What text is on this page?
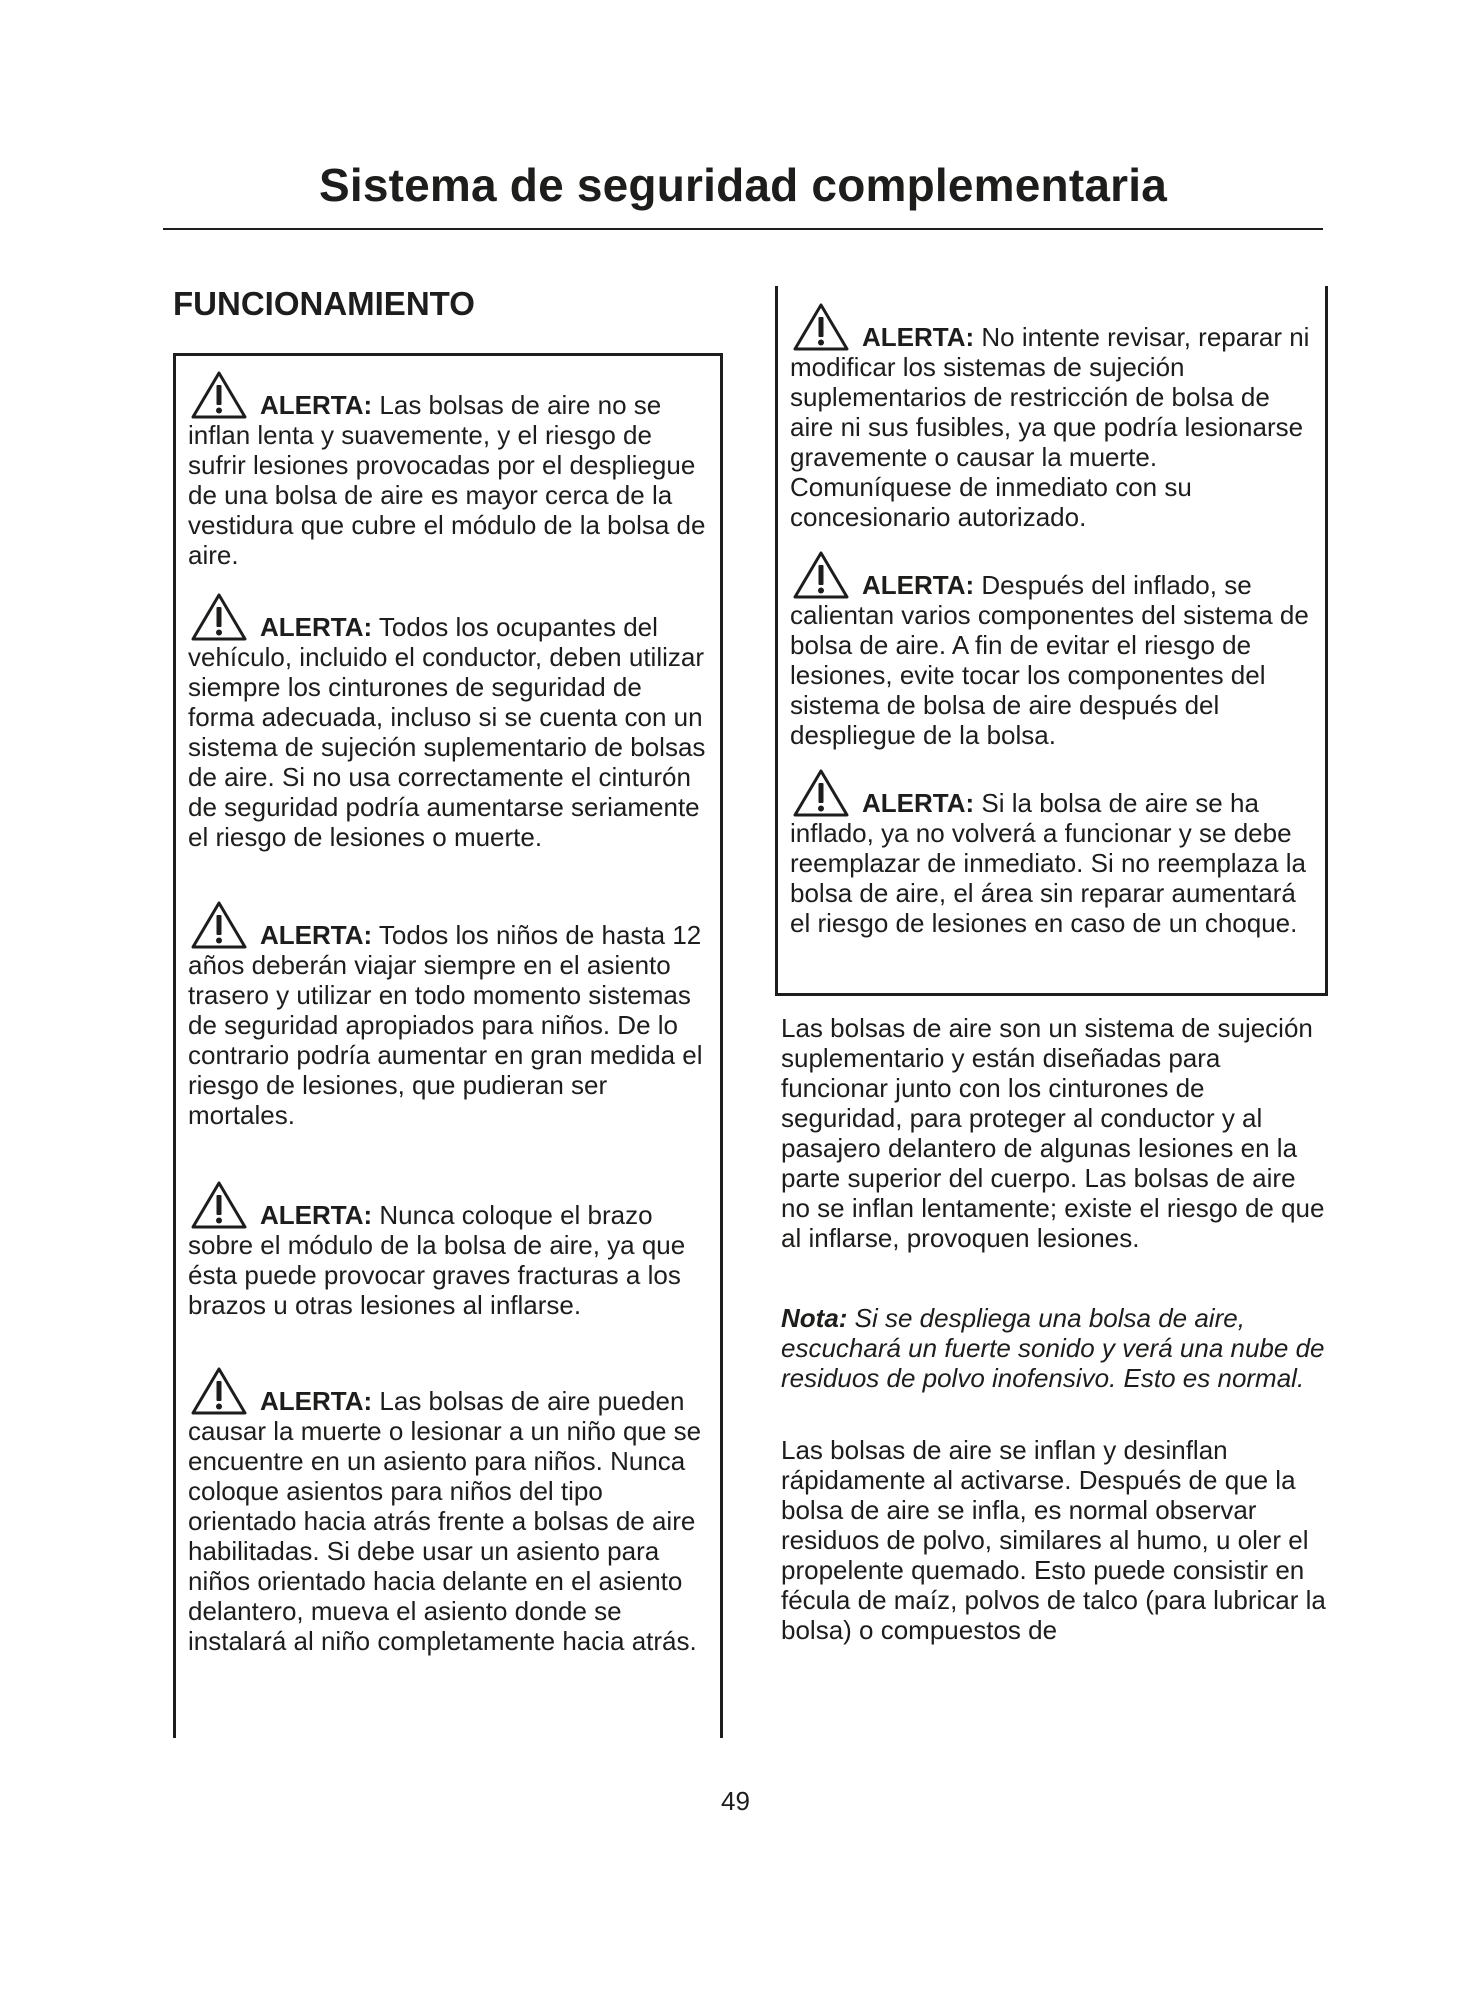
Sistema de seguridad complementaria
FUNCIONAMIENTO

ALERTA: Las bolsas de aire no se inflan lenta y suavemente, y el riesgo de sufrir lesiones provocadas por el despliegue de una bolsa de aire es mayor cerca de la vestidura que cubre el módulo de la bolsa de aire.

ALERTA: Todos los ocupantes del vehículo, incluido el conductor, deben utilizar siempre los cinturones de seguridad de forma adecuada, incluso si se cuenta con un sistema de sujeción suplementario de bolsas de aire. Si no usa correctamente el cinturón de seguridad podría aumentarse seriamente el riesgo de lesiones o muerte.

ALERTA: Todos los niños de hasta 12 años deberán viajar siempre en el asiento trasero y utilizar en todo momento sistemas de seguridad apropiados para niños. De lo contrario podría aumentar en gran medida el riesgo de lesiones, que pudieran ser mortales.

ALERTA: Nunca coloque el brazo sobre el módulo de la bolsa de aire, ya que ésta puede provocar graves fracturas a los brazos u otras lesiones al inflarse.

ALERTA: Las bolsas de aire pueden causar la muerte o lesionar a un niño que se encuentre en un asiento para niños. Nunca coloque asientos para niños del tipo orientado hacia atrás frente a bolsas de aire habilitadas. Si debe usar un asiento para niños orientado hacia delante en el asiento delantero, mueva el asiento donde se instalará al niño completamente hacia atrás.

ALERTA: No intente revisar, reparar ni modificar los sistemas de sujeción suplementarios de restricción de bolsa de aire ni sus fusibles, ya que podría lesionarse gravemente o causar la muerte. Comuníquese de inmediato con su concesionario autorizado.

ALERTA: Después del inflado, se calientan varios componentes del sistema de bolsa de aire. A fin de evitar el riesgo de lesiones, evite tocar los componentes del sistema de bolsa de aire después del despliegue de la bolsa.

ALERTA: Si la bolsa de aire se ha inflado, ya no volverá a funcionar y se debe reemplazar de inmediato. Si no reemplaza la bolsa de aire, el área sin reparar aumentará el riesgo de lesiones en caso de un choque.

Las bolsas de aire son un sistema de sujeción suplementario y están diseñadas para funcionar junto con los cinturones de seguridad, para proteger al conductor y al pasajero delantero de algunas lesiones en la parte superior del cuerpo. Las bolsas de aire no se inflan lentamente; existe el riesgo de que al inflarse, provoquen lesiones.

Nota: Si se despliega una bolsa de aire, escuchará un fuerte sonido y verá una nube de residuos de polvo inofensivo. Esto es normal.

Las bolsas de aire se inflan y desinflan rápidamente al activarse. Después de que la bolsa de aire se infla, es normal observar residuos de polvo, similares al humo, u oler el propelente quemado. Esto puede consistir en fécula de maíz, polvos de talco (para lubricar la bolsa) o compuestos de

49
